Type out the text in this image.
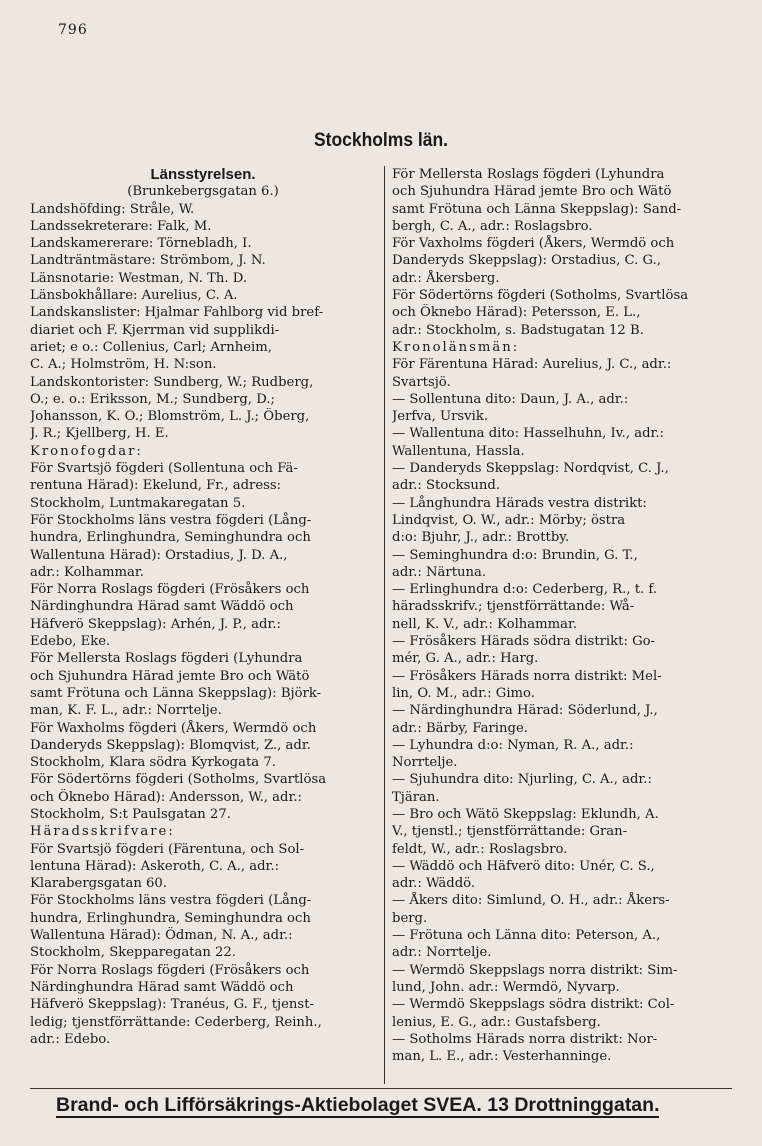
796
Stockholms län.
Länsstyrelsen.
(Brunkebergsgatan 6.)
Landshöfding: Stråle, W.
Landssekreterare: Falk, M.
Landskamererare: Törnebladh, I.
Landträntmästare: Strömbom, J. N.
Länsnotarie: Westman, N. Th. D.
Länsbokhållare: Aurelius, C. A.
Landskanslister: Hjalmar Fahlborg vid bref-
diariet och F. Kjerrman vid supplikdi-
ariet; e o.: Collenius, Carl; Arnheim,
C. A.; Holmström, H. N:son.
Landskontorister: Sundberg, W.; Rudberg,
O.; e. o.: Eriksson, M.; Sundberg, D.;
Johansson, K. O.; Blomström, L. J.; Öberg,
J. R.; Kjellberg, H. E.
Kronofogdar:
För Svartsjö fögderi (Sollentuna och Fä-
rentuna Härad): Ekelund, Fr., adress:
Stockholm, Luntmakaregatan 5.
För Stockholms läns vestra fögderi (Lång-
hundra, Erlinghundra, Seminghundra och
Wallentuna Härad): Orstadius, J. D. A.,
adr.: Kolhammar.
För Norra Roslags fögderi (Frösåkers och
Närdinghundra Härad samt Wäddö och
Häfverö Skeppslag): Arhén, J. P., adr.:
Edebo, Eke.
För Mellersta Roslags fögderi (Lyhundra
och Sjuhundra Härad jemte Bro och Wätö
samt Frötuna och Länna Skeppslag): Björk-
man, K. F. L., adr.: Norrtelje.
För Waxholms fögderi (Åkers, Wermdö och
Danderyds Skeppslag): Blomqvist, Z., adr.
Stockholm, Klara södra Kyrkogata 7.
För Södertörns fögderi (Sotholms, Svartlösa
och Öknebo Härad): Andersson, W., adr.:
Stockholm, S:t Paulsgatan 27.
Häradsskrifvare:
För Svartsjö fögderi (Färentuna, och Sol-
lentuna Härad): Askeroth, C. A., adr.:
Klarabergsgatan 60.
För Stockholms läns vestra fögderi (Lång-
hundra, Erlinghundra, Seminghundra och
Wallentuna Härad): Ödman, N. A., adr.:
Stockholm, Skepparegatan 22.
För Norra Roslags fögderi (Frösåkers och
Närdinghundra Härad samt Wäddö och
Häfverö Skeppslag): Tranéus, G. F., tjenst-
ledig; tjenstförrättande: Cederberg, Reinh.,
adr.: Edebo.
För Mellersta Roslags fögderi (Lyhundra
och Sjuhundra Härad jemte Bro och Wätö
samt Frötuna och Länna Skeppslag): Sand-
bergh, C. A., adr.: Roslagsbro.
För Vaxholms fögderi (Åkers, Wermdö och
Danderyds Skeppslag): Orstadius, C. G.,
adr.: Åkersberg.
För Södertörns fögderi (Sotholms, Svartlösa
och Öknebo Härad): Petersson, E. L.,
adr.: Stockholm, s. Badstugatan 12 B.
Kronolänsmän:
För Färentuna Härad: Aurelius, J. C., adr.:
Svartsjö.
— Sollentuna dito: Daun, J. A., adr.:
Jerfva, Ursvik.
— Wallentuna dito: Hasselhuhn, Iv., adr.:
Wallentuna, Hassla.
— Danderyds Skeppslag: Nordqvist, C. J.,
adr.: Stocksund.
— Långhundra Härads vestra distrikt:
Lindqvist, O. W., adr.: Mörby; östra
d:o: Bjuhr, J., adr.: Brottby.
— Seminghundra d:o: Brundin, G. T.,
adr.: Närtuna.
— Erlinghundra d:o: Cederberg, R., t. f.
häradsskrifv.; tjenstförrättande: Wå-
nell, K. V., adr.: Kolhammar.
— Frösåkers Härads södra distrikt: Go-
mér, G. A., adr.: Harg.
— Frösåkers Härads norra distrikt: Mel-
lin, O. M., adr.: Gimo.
— Närdinghundra Härad: Söderlund, J.,
adr.: Bärby, Faringe.
— Lyhundra d:o: Nyman, R. A., adr.:
Norrtelje.
— Sjuhundra dito: Njurling, C. A., adr.:
Tjäran.
— Bro och Wätö Skeppslag: Eklundh, A.
V., tjenstl.; tjenstförrättande: Gran-
feldt, W., adr.: Roslagsbro.
— Wäddö och Häfverö dito: Unér, C. S.,
adr.: Wäddö.
— Åkers dito: Simlund, O. H., adr.: Åkers-
berg.
— Frötuna och Länna dito: Peterson, A.,
adr.: Norrtelje.
— Wermdö Skeppslags norra distrikt: Sim-
lund, John. adr.: Wermdö, Nyvarp.
— Wermdö Skeppslags södra distrikt: Col-
lenius, E. G., adr.: Gustafsberg.
— Sotholms Härads norra distrikt: Nor-
man, L. E., adr.: Vesterhanninge.
Brand- och Lifförsäkrings-Aktiebolaget SVEA. 13 Drottninggatan.
